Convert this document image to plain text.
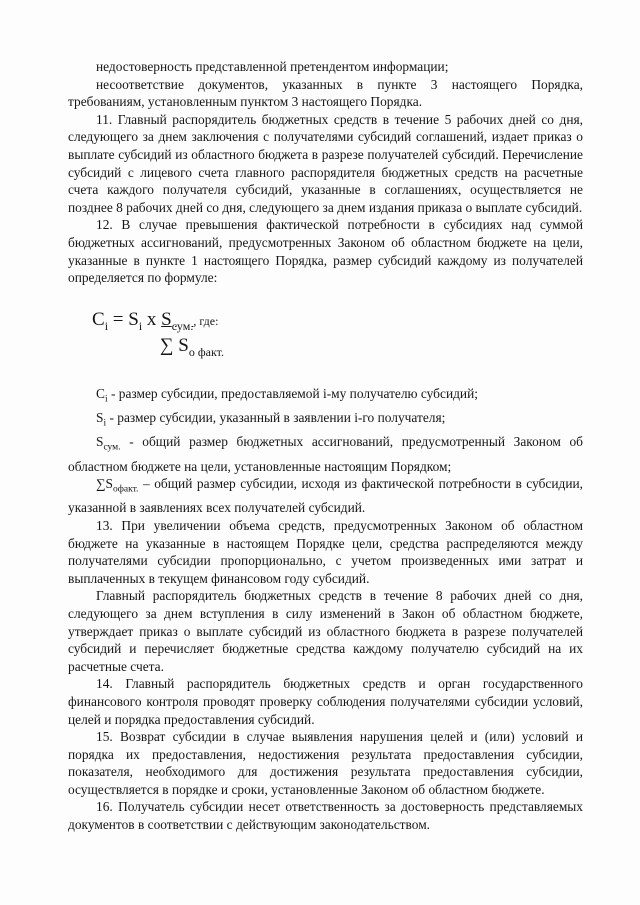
недостоверность представленной претендентом информации;

несоответствие документов, указанных в пункте 3 настоящего Порядка, требованиям, установленным пунктом 3 настоящего Порядка.

11. Главный распорядитель бюджетных средств в течение 5 рабочих дней со дня, следующего за днем заключения с получателями субсидий соглашений, издает приказ о выплате субсидий из областного бюджета в разрезе получателей субсидий. Перечисление субсидий с лицевого счета главного распорядителя бюджетных средств на расчетные счета каждого получателя субсидий, указанные в соглашениях, осуществляется не позднее 8 рабочих дней со дня, следующего за днем издания приказа о выплате субсидий.

12. В случае превышения фактической потребности в субсидиях над суммой бюджетных ассигнований, предусмотренных Законом об областном бюджете на цели, указанные в пункте 1 настоящего Порядка, размер субсидий каждому из получателей определяется по формуле:

$C_i = S_i$ x $S_{сум.}$, где:
∑ $S_{о факт.}$

$C_i$ - размер субсидии, предоставляемой i-му получателю субсидий;

$S_i$ - размер субсидии, указанный в заявлении i-го получателя;

$S_{сум.}$ - общий размер бюджетных ассигнований, предусмотренный Законом об областном бюджете на цели, установленные настоящим Порядком;

$\sum S_{офакт.}$ – общий размер субсидии, исходя из фактической потребности в субсидии, указанной в заявлениях всех получателей субсидий.

13. При увеличении объема средств, предусмотренных Законом об областном бюджете на указанные в настоящем Порядке цели, средства распределяются между получателями субсидии пропорционально, с учетом произведенных ими затрат и выплаченных в текущем финансовом году субсидий.

Главный распорядитель бюджетных средств в течение 8 рабочих дней со дня, следующего за днем вступления в силу изменений в Закон об областном бюджете, утверждает приказ о выплате субсидий из областного бюджета в разрезе получателей субсидий и перечисляет бюджетные средства каждому получателю субсидий на их расчетные счета.

14. Главный распорядитель бюджетных средств и орган государственного финансового контроля проводят проверку соблюдения получателями субсидии условий, целей и порядка предоставления субсидий.

15. Возврат субсидии в случае выявления нарушения целей и (или) условий и порядка их предоставления, недостижения результата предоставления субсидии, показателя, необходимого для достижения результата предоставления субсидии, осуществляется в порядке и сроки, установленные Законом об областном бюджете.

16. Получатель субсидии несет ответственность за достоверность представляемых документов в соответствии с действующим законодательством.
